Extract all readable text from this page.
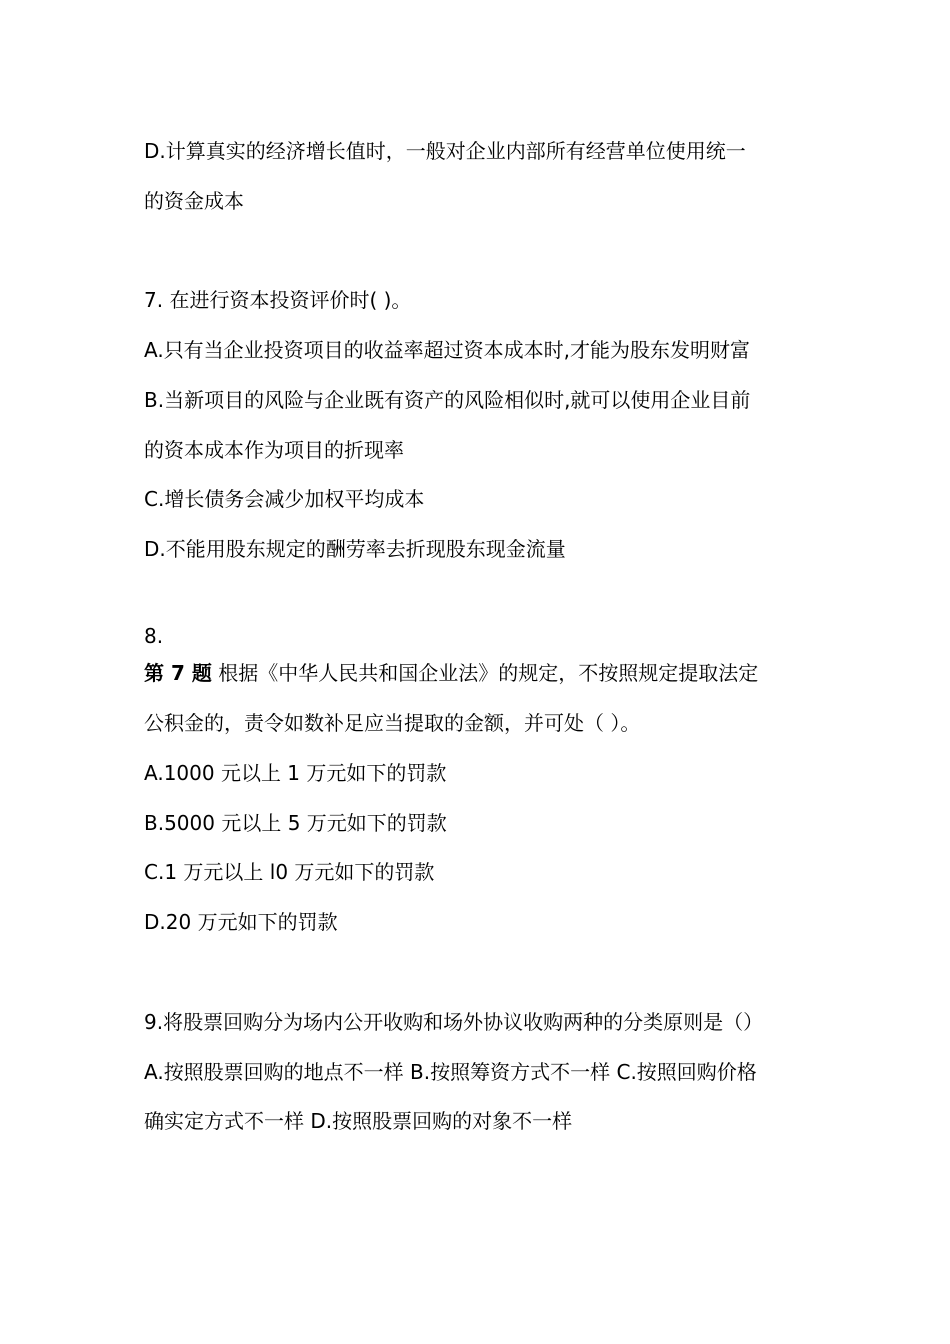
D.计算真实的经济增长值时，一般对企业内部所有经营单位使用统一
的资金成本
7. 在进行资本投资评价时( )。
A.只有当企业投资项目的收益率超过资本成本时,才能为股东发明财富
B.当新项目的风险与企业既有资产的风险相似时,就可以使用企业目前
的资本成本作为项目的折现率
C.增长债务会减少加权平均成本
D.不能用股东规定的酬劳率去折现股东现金流量
8.
第 7 题 根据《中华人民共和国企业法》的规定，不按照规定提取法定
公积金的，责令如数补足应当提取的金额，并可处（ ）。
A.1000 元以上 1 万元如下的罚款
B.5000 元以上 5 万元如下的罚款
C.1 万元以上 l0 万元如下的罚款
D.20 万元如下的罚款
9.将股票回购分为场内公开收购和场外协议收购两种的分类原则是（）
A.按照股票回购的地点不一样 B.按照筹资方式不一样 C.按照回购价格
确实定方式不一样 D.按照股票回购的对象不一样
